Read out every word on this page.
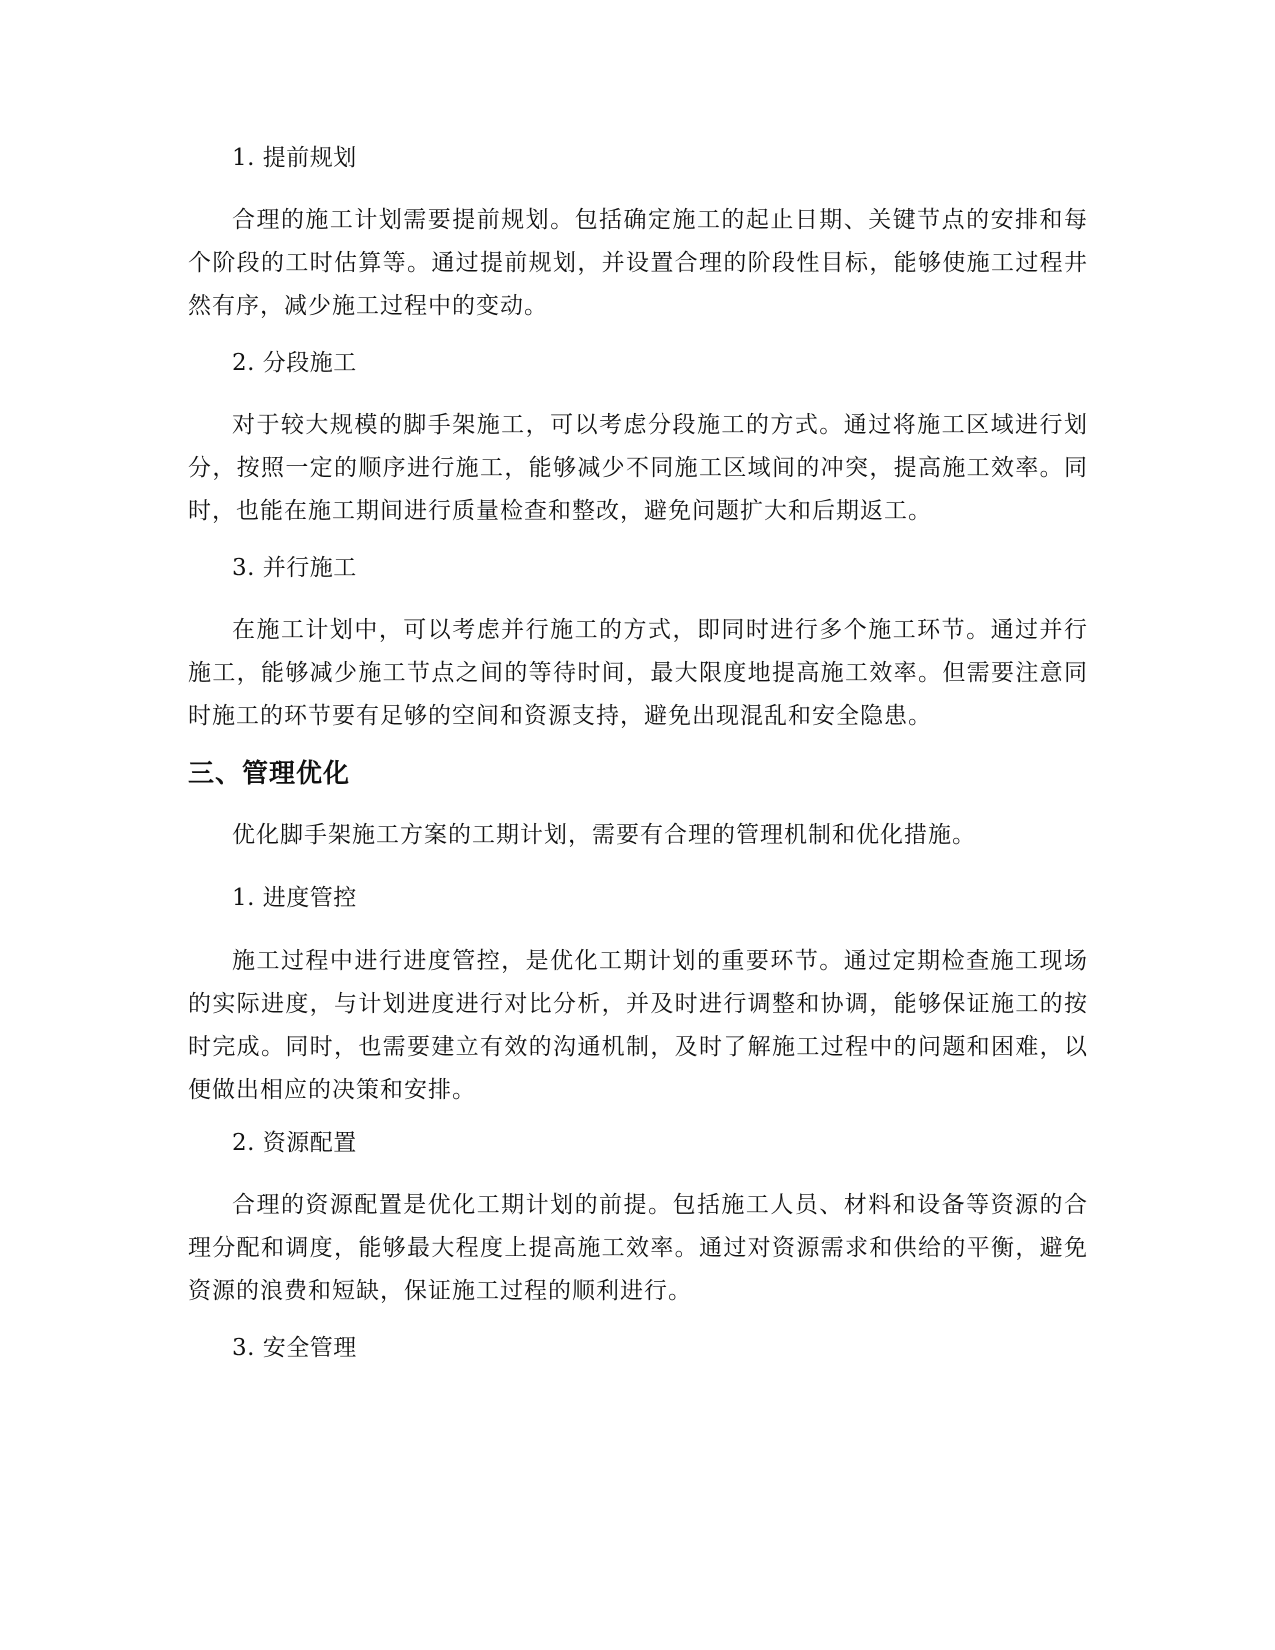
1. 提前规划

合理的施工计划需要提前规划。包括确定施工的起止日期、关键节点的安排和每个阶段的工时估算等。通过提前规划，并设置合理的阶段性目标，能够使施工过程井然有序，减少施工过程中的变动。

2. 分段施工

对于较大规模的脚手架施工，可以考虑分段施工的方式。通过将施工区域进行划分，按照一定的顺序进行施工，能够减少不同施工区域间的冲突，提高施工效率。同时，也能在施工期间进行质量检查和整改，避免问题扩大和后期返工。

3. 并行施工

在施工计划中，可以考虑并行施工的方式，即同时进行多个施工环节。通过并行施工，能够减少施工节点之间的等待时间，最大限度地提高施工效率。但需要注意同时施工的环节要有足够的空间和资源支持，避免出现混乱和安全隐患。

三、管理优化

优化脚手架施工方案的工期计划，需要有合理的管理机制和优化措施。

1. 进度管控

施工过程中进行进度管控，是优化工期计划的重要环节。通过定期检查施工现场的实际进度，与计划进度进行对比分析，并及时进行调整和协调，能够保证施工的按时完成。同时，也需要建立有效的沟通机制，及时了解施工过程中的问题和困难，以便做出相应的决策和安排。

2. 资源配置

合理的资源配置是优化工期计划的前提。包括施工人员、材料和设备等资源的合理分配和调度，能够最大程度上提高施工效率。通过对资源需求和供给的平衡，避免资源的浪费和短缺，保证施工过程的顺利进行。

3. 安全管理
